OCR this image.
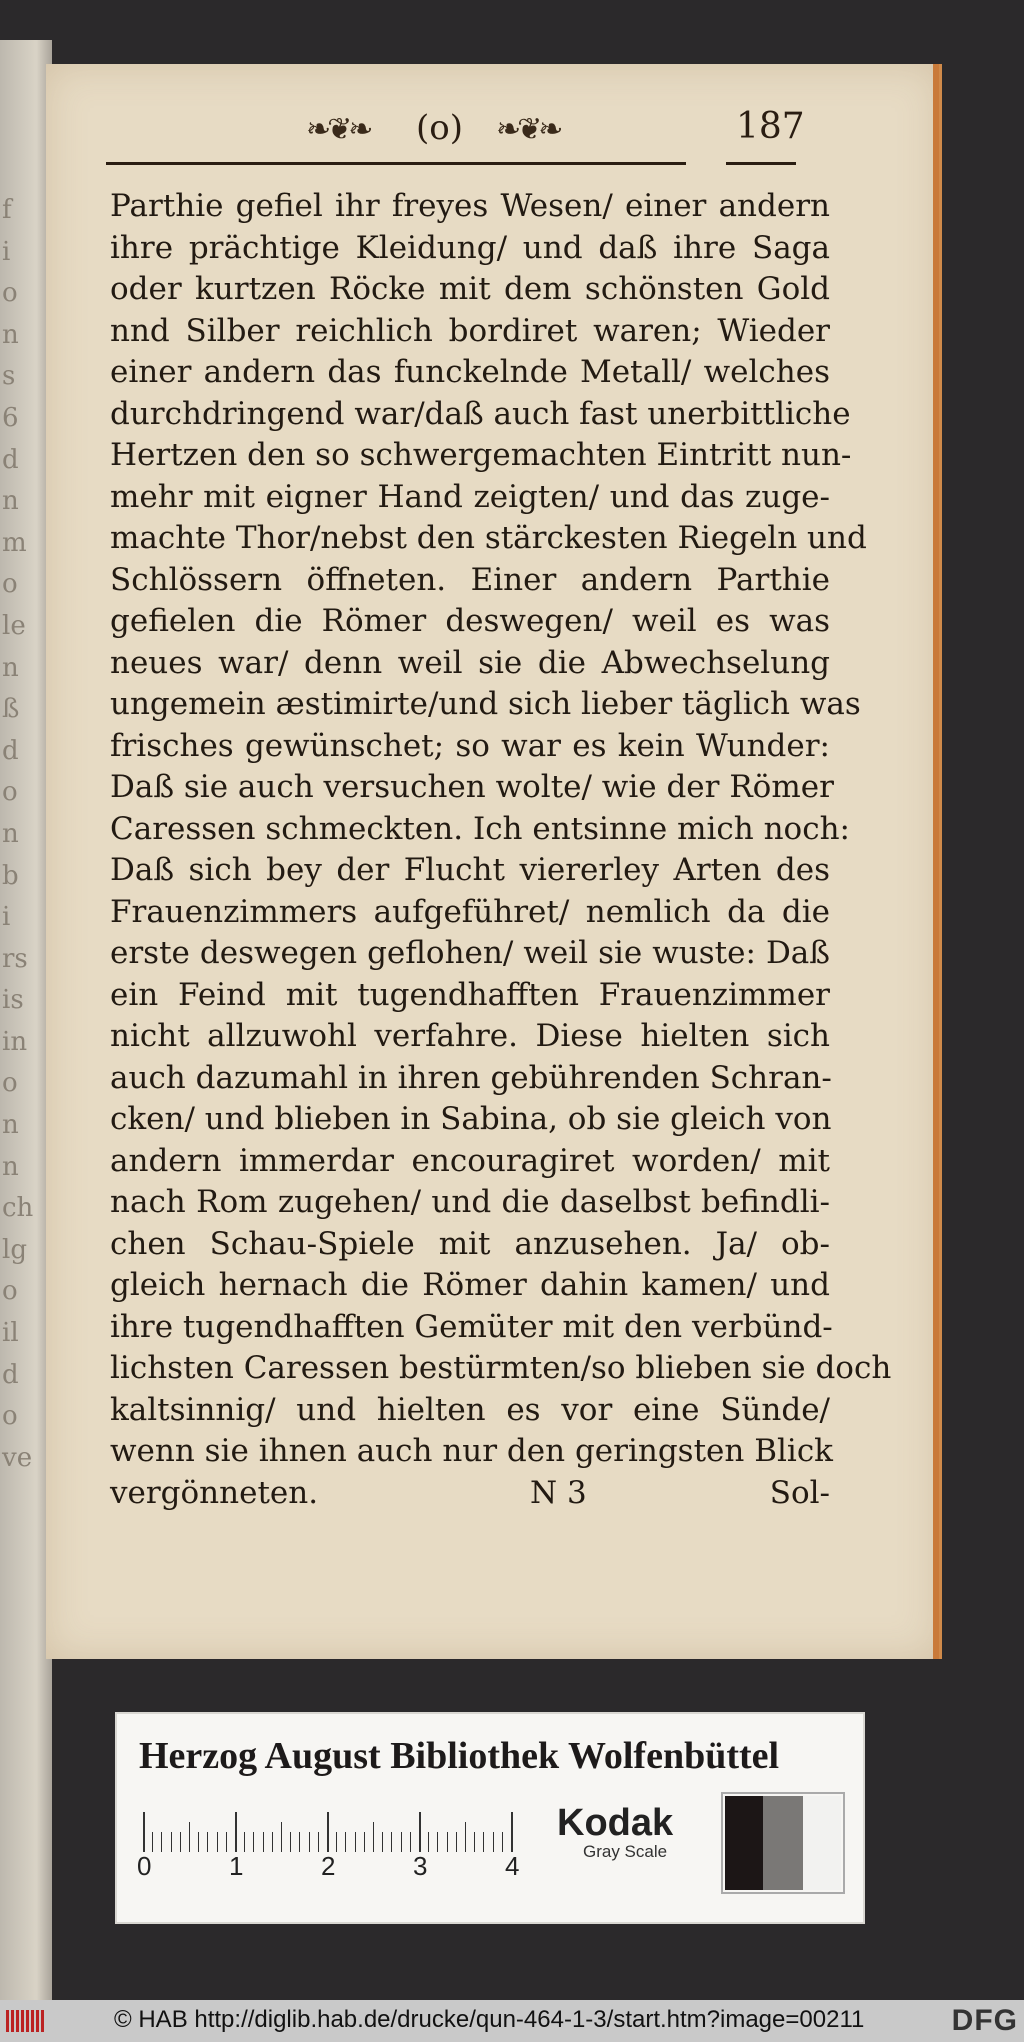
f
i
o
n
s
6
d
n
m
o
le
n
ß
d
o
n
b
i
rs
is
in
o
n
n
ch
lg
o
il
d
o
ve
❧❦❧ (o) ❧❦❧	187
Parthie gefiel ihr freyes Wesen/ einer andern
ihre prächtige Kleidung/ und daß ihre Saga
oder kurtzen Röcke mit dem schönsten Gold
nnd Silber reichlich bordiret waren; Wieder
einer andern das funckelnde Metall/ welches
durchdringend war/daß auch fast unerbittliche
Hertzen den so schwergemachten Eintritt nun-
mehr mit eigner Hand zeigten/ und das zuge-
machte Thor/nebst den stärckesten Riegeln und
Schlössern öffneten. Einer andern Parthie
gefielen die Römer deswegen/ weil es was
neues war/ denn weil sie die Abwechselung
ungemein æstimirte/und sich lieber täglich was
frisches gewünschet; so war es kein Wunder:
Daß sie auch versuchen wolte/ wie der Römer
Caressen schmeckten. Ich entsinne mich noch:
Daß sich bey der Flucht viererley Arten des
Frauenzimmers aufgeführet/ nemlich da die
erste deswegen geflohen/ weil sie wuste: Daß
ein Feind mit tugendhafften Frauenzimmer
nicht allzuwohl verfahre. Diese hielten sich
auch dazumahl in ihren gebührenden Schran-
cken/ und blieben in Sabina, ob sie gleich von
andern immerdar encouragiret worden/ mit
nach Rom zugehen/ und die daselbst befindli-
chen Schau-Spiele mit anzusehen. Ja/ ob-
gleich hernach die Römer dahin kamen/ und
ihre tugendhafften Gemüter mit den verbünd-
lichsten Caressen bestürmten/so blieben sie doch
kaltsinnig/ und hielten es vor eine Sünde/
wenn sie ihnen auch nur den geringsten Blick
vergönneten.	N 3	Sol-
Herzog August Bibliothek Wolfenbüttel
0	1	2	3	4
Kodak
Gray Scale
© HAB http://diglib.hab.de/drucke/qun-464-1-3/start.htm?image=00211	DFG
